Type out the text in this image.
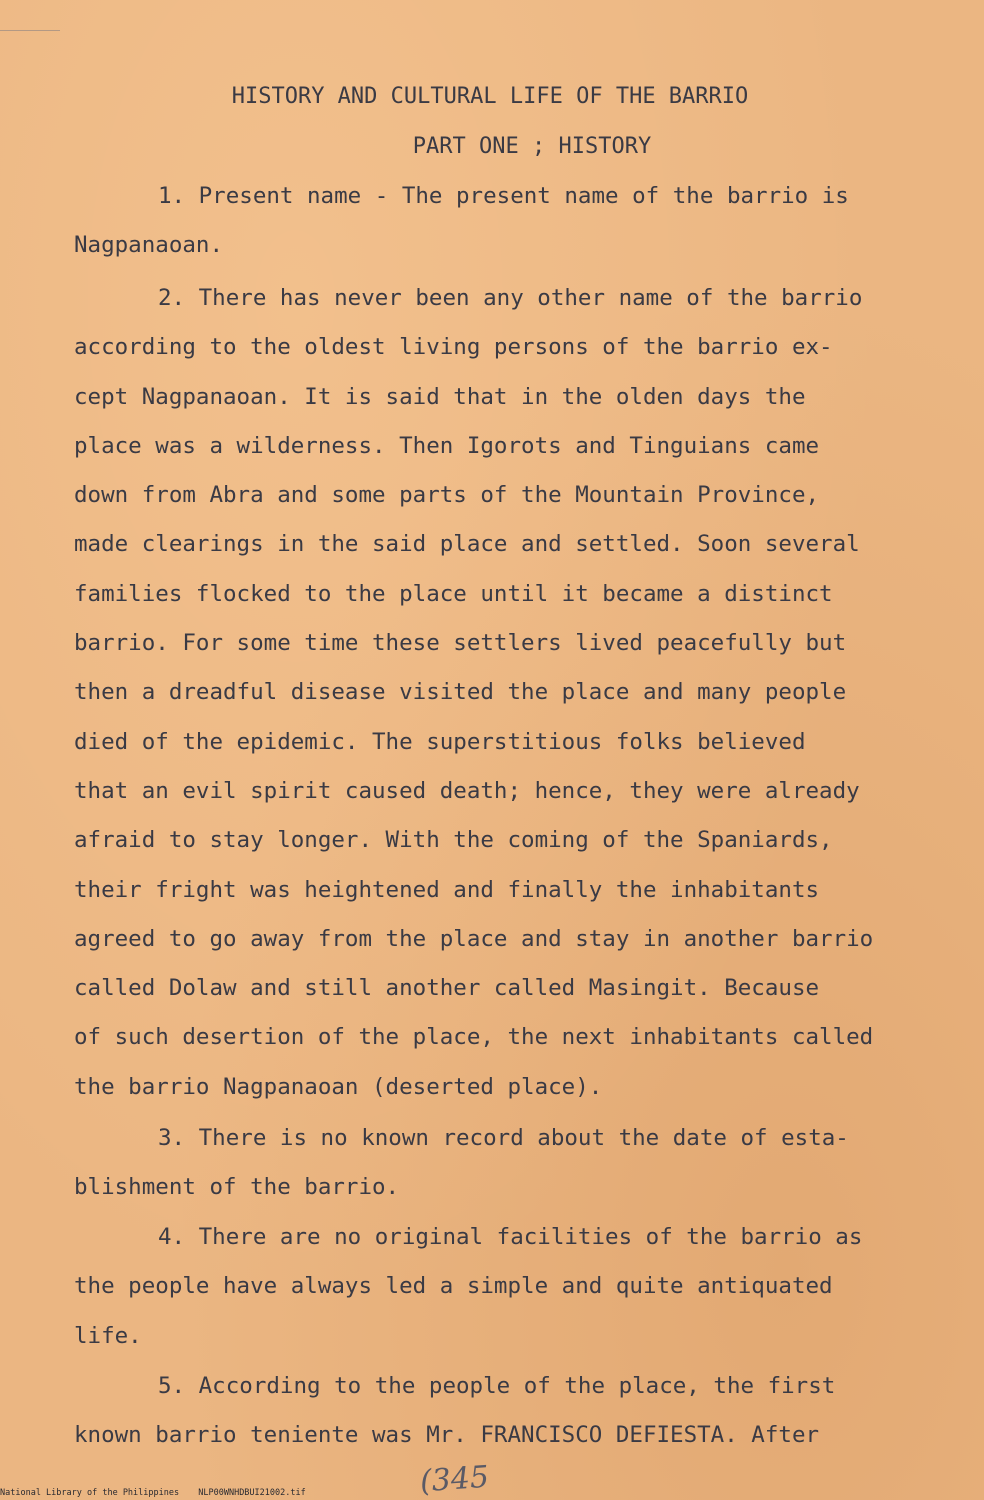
HISTORY AND CULTURAL LIFE OF THE BARRIO
PART ONE ; HISTORY
1. Present name - The present name of the barrio is
Nagpanaoan.
2. There has never been any other name of the barrio
according to the oldest living persons of the barrio ex-
cept Nagpanaoan. It is said that in the olden days the
place was a wilderness. Then Igorots and Tinguians came
down from Abra and some parts of the Mountain Province,
made clearings in the said place and settled. Soon several
families flocked to the place until it became a distinct
barrio. For some time these settlers lived peacefully but
then a dreadful disease visited the place and many people
died of the epidemic. The superstitious folks believed
that an evil spirit caused death; hence, they were already
afraid to stay longer. With the coming of the Spaniards,
their fright was heightened and finally the inhabitants
agreed to go away from the place and stay in another barrio
called Dolaw and still another called Masingit. Because
of such desertion of the place, the next inhabitants called
the barrio Nagpanaoan (deserted place).
3. There is no known record about the date of esta-
blishment of the barrio.
4. There are no original facilities of the barrio as
the people have always led a simple and quite antiquated
life.
5. According to the people of the place, the first
known barrio teniente was Mr. FRANCISCO DEFIESTA. After
(345
National Library of the Philippines NLP00WNHDBUI21002.tif
